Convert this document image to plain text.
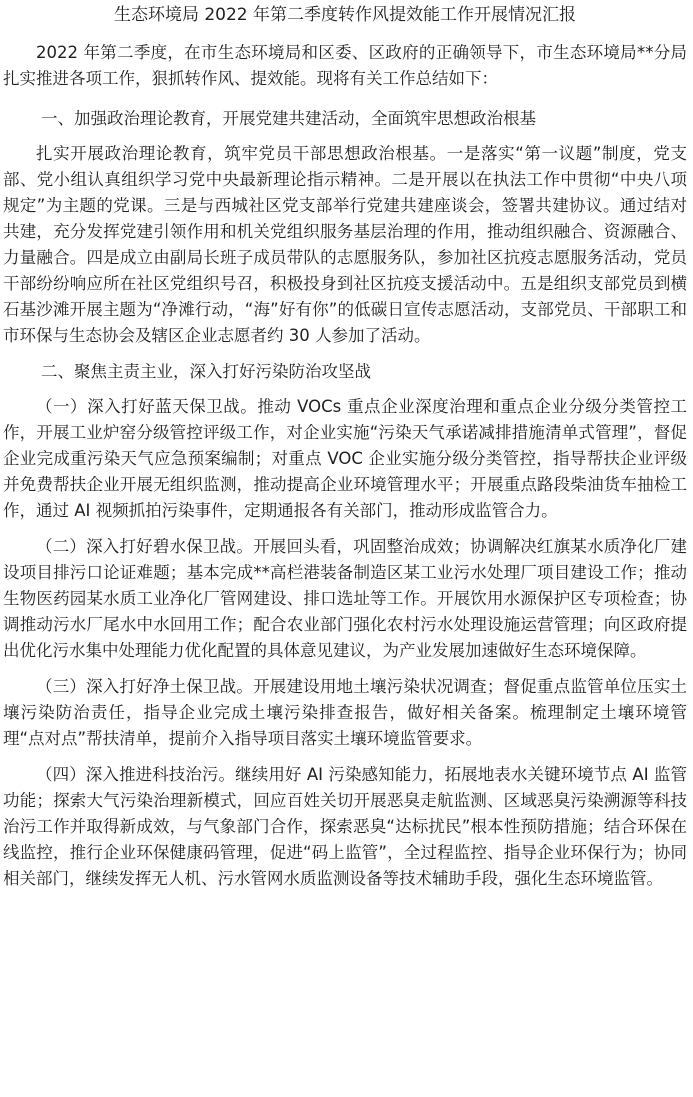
生态环境局 2022 年第二季度转作风提效能工作开展情况汇报

2022 年第二季度，在市生态环境局和区委、区政府的正确领导下，市生态环境局**分局扎实推进各项工作，狠抓转作风、提效能。现将有关工作总结如下：

一、加强政治理论教育，开展党建共建活动，全面筑牢思想政治根基

扎实开展政治理论教育，筑牢党员干部思想政治根基。一是落实“第一议题”制度，党支部、党小组认真组织学习党中央最新理论指示精神。二是开展以在执法工作中贯彻“中央八项规定”为主题的党课。三是与西城社区党支部举行党建共建座谈会，签署共建协议。通过结对共建，充分发挥党建引领作用和机关党组织服务基层治理的作用，推动组织融合、资源融合、力量融合。四是成立由副局长班子成员带队的志愿服务队，参加社区抗疫志愿服务活动，党员干部纷纷响应所在社区党组织号召，积极投身到社区抗疫支援活动中。五是组织支部党员到横石基沙滩开展主题为“净滩行动，“海”好有你”的低碳日宣传志愿活动，支部党员、干部职工和市环保与生态协会及辖区企业志愿者约 30 人参加了活动。

二、聚焦主责主业，深入打好污染防治攻坚战

（一）深入打好蓝天保卫战。推动 VOCs 重点企业深度治理和重点企业分级分类管控工作，开展工业炉窑分级管控评级工作，对企业实施“污染天气承诺减排措施清单式管理”，督促企业完成重污染天气应急预案编制；对重点 VOC 企业实施分级分类管控，指导帮扶企业评级并免费帮扶企业开展无组织监测，推动提高企业环境管理水平；开展重点路段柴油货车抽检工作，通过 AI 视频抓拍污染事件，定期通报各有关部门，推动形成监管合力。

（二）深入打好碧水保卫战。开展回头看，巩固整治成效；协调解决红旗某水质净化厂建设项目排污口论证难题；基本完成**高栏港装备制造区某工业污水处理厂项目建设工作；推动生物医药园某水质工业净化厂管网建设、排口选址等工作。开展饮用水源保护区专项检查；协调推动污水厂尾水中水回用工作；配合农业部门强化农村污水处理设施运营管理；向区政府提出优化污水集中处理能力优化配置的具体意见建议，为产业发展加速做好生态环境保障。

（三）深入打好净土保卫战。开展建设用地土壤污染状况调查；督促重点监管单位压实土壤污染防治责任，指导企业完成土壤污染排查报告，做好相关备案。梳理制定土壤环境管理“点对点”帮扶清单，提前介入指导项目落实土壤环境监管要求。

（四）深入推进科技治污。继续用好 AI 污染感知能力，拓展地表水关键环境节点 AI 监管功能；探索大气污染治理新模式，回应百姓关切开展恶臭走航监测、区域恶臭污染溯源等科技治污工作并取得新成效，与气象部门合作，探索恶臭“达标扰民”根本性预防措施；结合环保在线监控，推行企业环保健康码管理，促进“码上监管”，全过程监控、指导企业环保行为；协同相关部门，继续发挥无人机、污水管网水质监测设备等技术辅助手段，强化生态环境监管。
